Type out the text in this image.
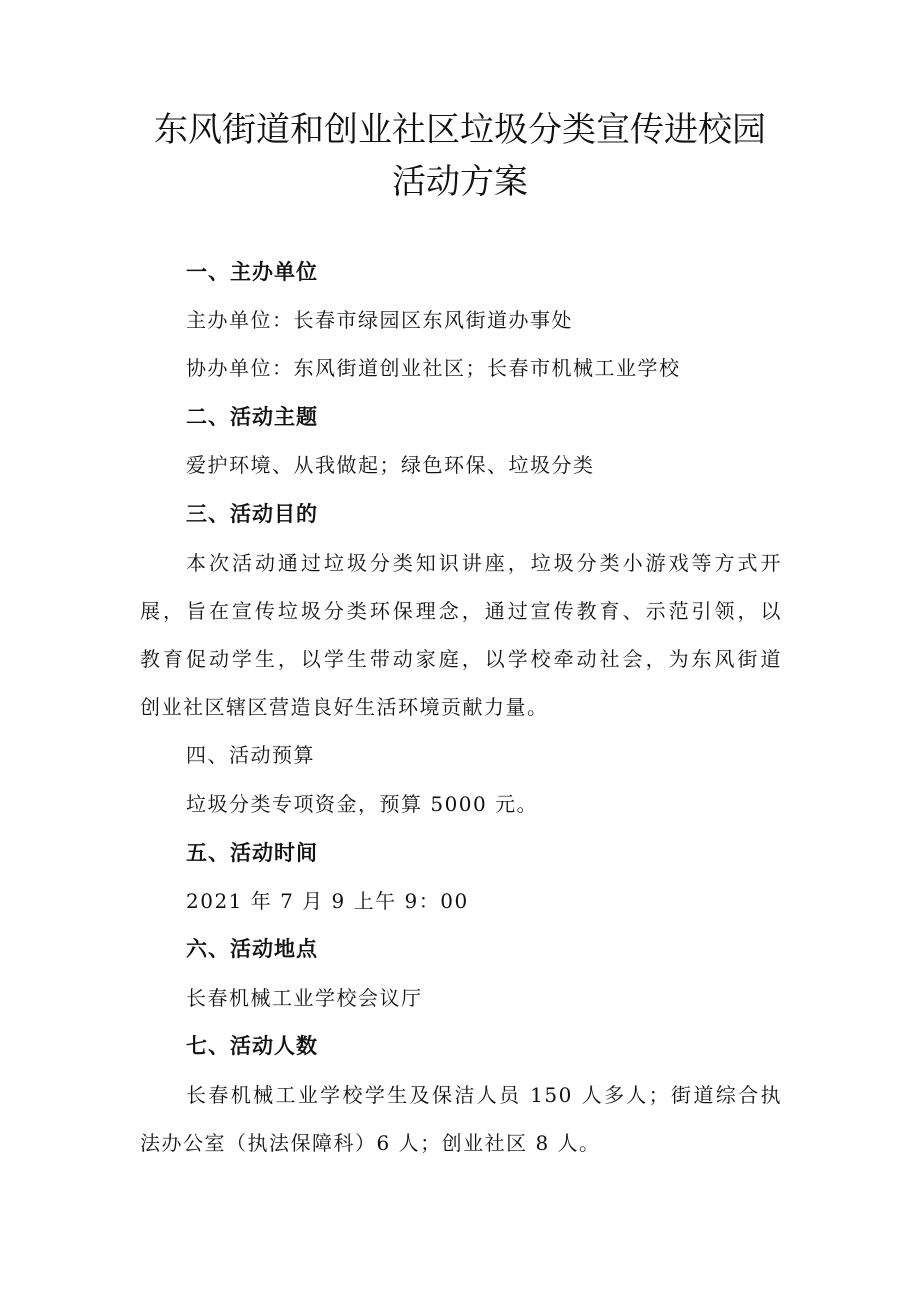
东风街道和创业社区垃圾分类宣传进校园
活动方案
一、主办单位
主办单位：长春市绿园区东风街道办事处
协办单位：东风街道创业社区；长春市机械工业学校
二、活动主题
爱护环境、从我做起；绿色环保、垃圾分类
三、活动目的
本次活动通过垃圾分类知识讲座，垃圾分类小游戏等方式开
展，旨在宣传垃圾分类环保理念，通过宣传教育、示范引领，以
教育促动学生，以学生带动家庭，以学校牵动社会，为东风街道
创业社区辖区营造良好生活环境贡献力量。
四、活动预算
垃圾分类专项资金，预算 5000 元。
五、活动时间
2021 年 7 月 9 上午 9：00
六、活动地点
长春机械工业学校会议厅
七、活动人数
长春机械工业学校学生及保洁人员 150 人多人；街道综合执
法办公室（执法保障科）6 人；创业社区 8 人。
